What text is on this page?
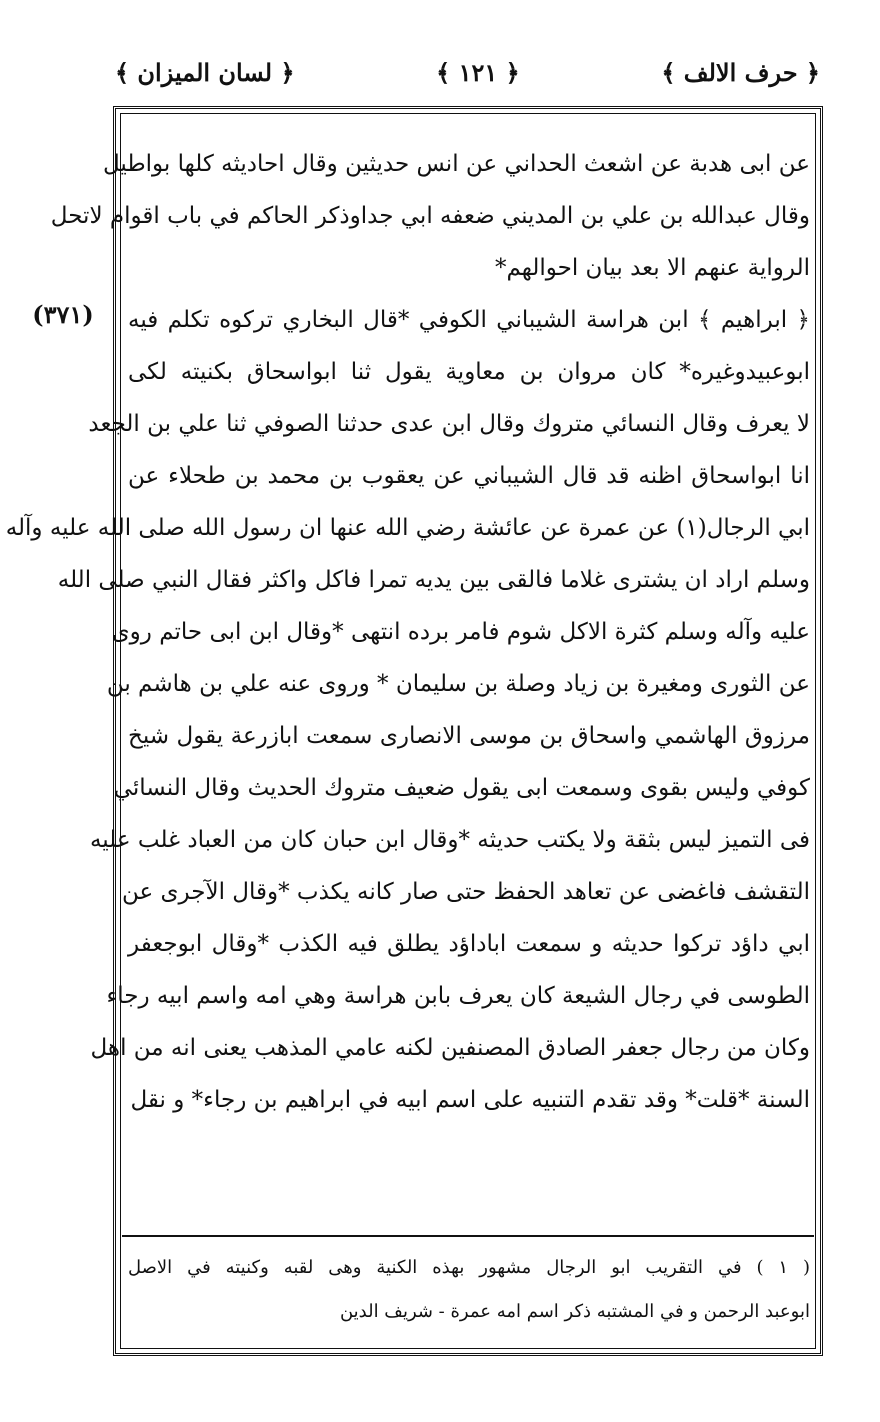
﴿ حرف الالف ﴾
﴿ ١٢١ ﴾
﴿ لسان الميزان ﴾
(٣٧١)
عن ابى هدبة عن اشعث الحداني عن انس حديثين وقال احاديثه كلها بواطيل
وقال عبدالله بن علي بن المديني ضعفه ابي جداوذكر الحاكم في باب اقوام لاتحل
الرواية عنهم الا بعد بيان احوالهم*
﴿ ابراهيم ﴾ ابن هراسة الشيباني الكوفي *قال البخاري تركوه تكلم فيه
ابوعبيدوغيره* كان مروان بن معاوية يقول ثنا ابواسحاق بكنيته لكى
لا يعرف وقال النسائي متروك وقال ابن عدى حدثنا الصوفي ثنا علي بن الجعد
انا ابواسحاق اظنه قد قال الشيباني عن يعقوب بن محمد بن طحلاء عن
ابي الرجال(١) عن عمرة عن عائشة رضي الله عنها ان رسول الله صلى الله عليه وآله
وسلم اراد ان يشترى غلاما فالقى بين يديه تمرا فاكل واكثر فقال النبي صلى الله
عليه وآله وسلم كثرة الاكل شوم فامر برده انتهى *وقال ابن ابى حاتم روى
عن الثورى ومغيرة بن زياد وصلة بن سليمان * وروى عنه علي بن هاشم بن
مرزوق الهاشمي واسحاق بن موسى الانصارى سمعت ابازرعة يقول شيخ
كوفي وليس بقوى وسمعت ابى يقول ضعيف متروك الحديث وقال النسائي
فى التميز ليس بثقة ولا يكتب حديثه *وقال ابن حبان كان من العباد غلب عليه
التقشف فاغضى عن تعاهد الحفظ حتى صار كانه يكذب *وقال الآجرى عن
ابي داؤد تركوا حديثه و سمعت اباداؤد يطلق فيه الكذب *وقال ابوجعفر
الطوسى في رجال الشيعة كان يعرف بابن هراسة وهي امه واسم ابيه رجاء
وكان من رجال جعفر الصادق المصنفين لكنه عامي المذهب يعنى انه من اهل
السنة *قلت* وقد تقدم التنبيه على اسم ابيه في ابراهيم بن رجاء* و نقل
( ١ ) في التقريب ابو الرجال مشهور بهذه الكنية وهى لقبه وكنيته في الاصل
ابوعبد الرحمن و في المشتبه ذكر اسم امه عمرة - شريف الدين
